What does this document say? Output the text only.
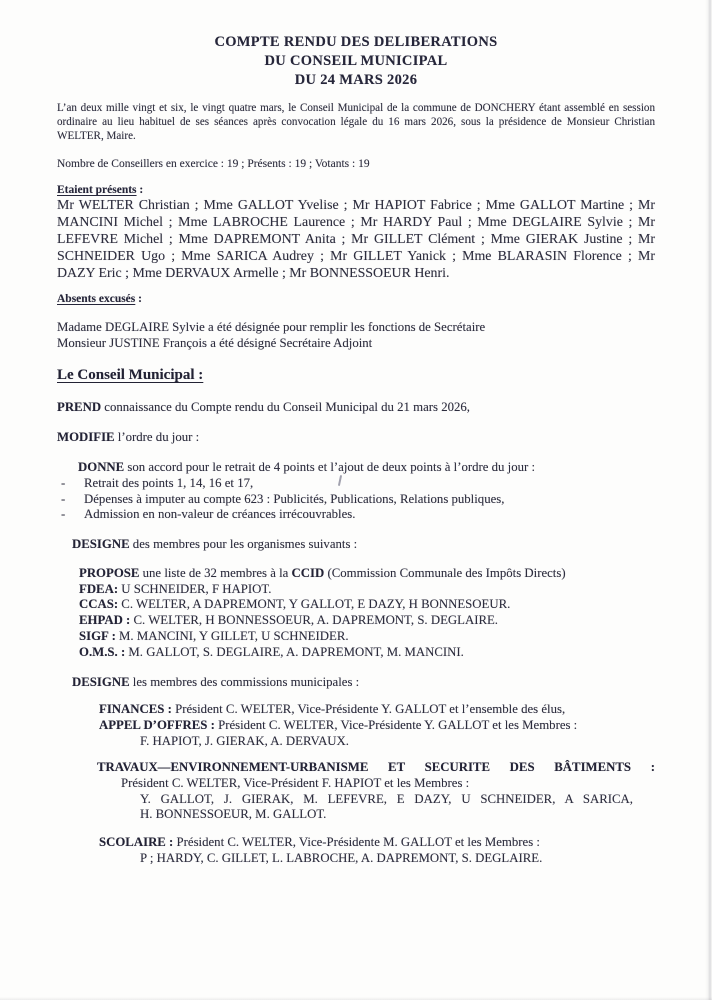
COMPTE RENDU DES DELIBERATIONS
DU CONSEIL MUNICIPAL
DU 24 MARS 2026

L’an deux mille vingt et six, le vingt quatre mars, le Conseil Municipal de la commune de DONCHERY étant assemblé en session ordinaire au lieu habituel de ses séances après convocation légale du 16 mars 2026, sous la présidence de Monsieur Christian WELTER, Maire.

Nombre de Conseillers en exercice : 19 ; Présents : 19 ; Votants : 19
Etaient présents :
Mr WELTER Christian ; Mme GALLOT Yvelise ; Mr HAPIOT Fabrice ; Mme GALLOT Martine ; Mr MANCINI Michel ; Mme LABROCHE Laurence ; Mr HARDY Paul ; Mme DEGLAIRE Sylvie ; Mr LEFEVRE Michel ; Mme DAPREMONT Anita ; Mr GILLET Clément ; Mme GIERAK Justine ; Mr SCHNEIDER Ugo ; Mme SARICA Audrey ; Mr GILLET Yanick ; Mme BLARASIN Florence ; Mr DAZY Eric ; Mme DERVAUX Armelle ; Mr BONNESSOEUR Henri.
Absents excusés :
Madame DEGLAIRE Sylvie a été désignée pour remplir les fonctions de Secrétaire
Monsieur JUSTINE François a été désigné Secrétaire Adjoint
Le Conseil Municipal :

PREND connaissance du Compte rendu du Conseil Municipal du 21 mars 2026,

MODIFIE l’ordre du jour :

DONNE son accord pour le retrait de 4 points et l’ajout de deux points à l’ordre du jour :

-	Retrait des points 1, 14, 16 et 17,
-	Dépenses à imputer au compte 623 : Publicités, Publications, Relations publiques,
-	Admission en non-valeur de créances irrécouvrables.

DESIGNE des membres pour les organismes suivants :

PROPOSE une liste de 32 membres à la CCID (Commission Communale des Impôts Directs)
FDEA: U SCHNEIDER, F HAPIOT.
CCAS: C. WELTER, A DAPREMONT, Y GALLOT, E DAZY, H BONNESOEUR.
EHPAD : C. WELTER, H BONNESSOEUR, A. DAPREMONT, S. DEGLAIRE.
SIGF : M. MANCINI, Y GILLET, U SCHNEIDER.
O.M.S. : M. GALLOT, S. DEGLAIRE, A. DAPREMONT, M. MANCINI.

DESIGNE les membres des commissions municipales :

FINANCES : Président C. WELTER, Vice-Présidente Y. GALLOT et l’ensemble des élus,
APPEL D’OFFRES : Président C. WELTER, Vice-Présidente Y. GALLOT et les Membres :
F. HAPIOT, J. GIERAK, A. DERVAUX.
TRAVAUX—ENVIRONNEMENT-URBANISME ET SECURITE DES BÂTIMENTS :
Président C. WELTER, Vice-Président F. HAPIOT et les Membres :
Y. GALLOT, J. GIERAK, M. LEFEVRE, E DAZY, U SCHNEIDER, A SARICA,
H. BONNESSOEUR, M. GALLOT.
SCOLAIRE : Président C. WELTER, Vice-Présidente M. GALLOT et les Membres :
P ; HARDY, C. GILLET, L. LABROCHE, A. DAPREMONT, S. DEGLAIRE.
